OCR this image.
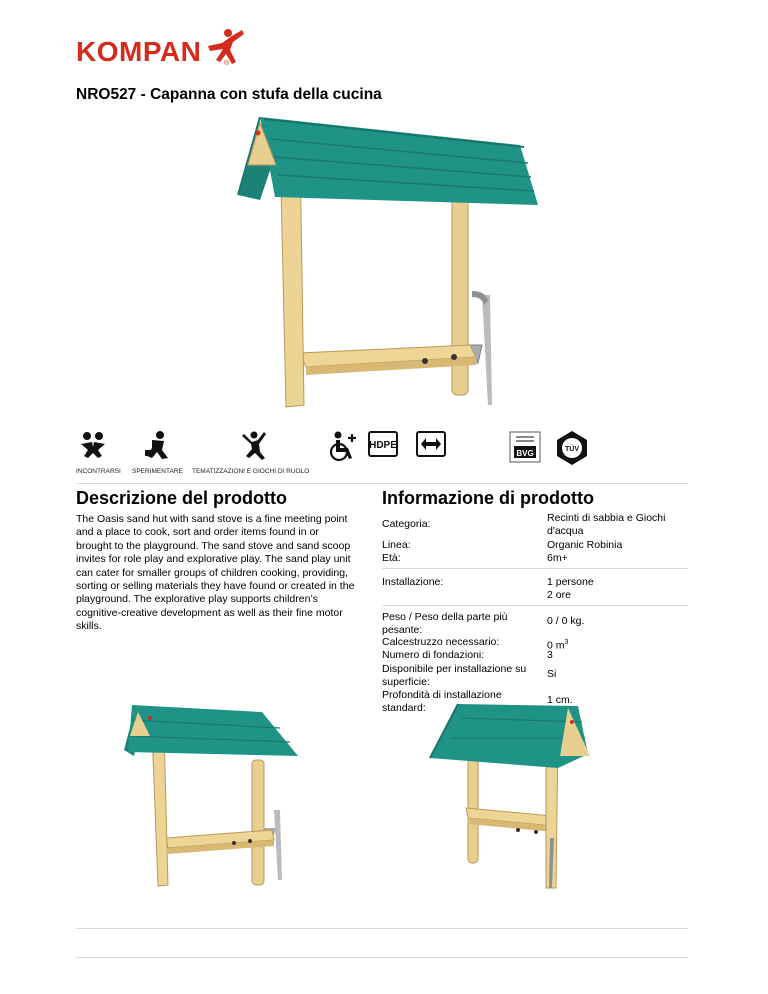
KOMPAN	®
NRO527 - Capanna con stufa della cucina
INCONTRARSI SPERIMENTARE TEMATIZZAZIONI E GIOCHI DI RUOLO
HDPE
BVG	TÜV
Descrizione del prodotto
The Oasis sand hut with sand stove is a fine meeting point and a place to cook, sort and order items found in or brought to the playground. The sand stove and sand scoop invites for role play and explorative play. The sand play unit can cater for smaller groups of children cooking, providing, sorting or selling materials they have found or created in the playground. The explorative play supports children’s cognitive-creative development as well as their fine motor skills.
Informazione di prodotto
Categoria:	Recinti di sabbia e Giochi d'acqua
Linea:	Organic Robinia
Età:	6m+
Installazione:	1 persone
2 ore
Peso / Peso della parte più pesante:
0 / 0 kg.
Calcestruzzo necessario:	0 $m^3$
Numero di fondazioni:	3
Disponibile per installazione su superficie:
Si
Profondità di installazione standard:
1 cm.
